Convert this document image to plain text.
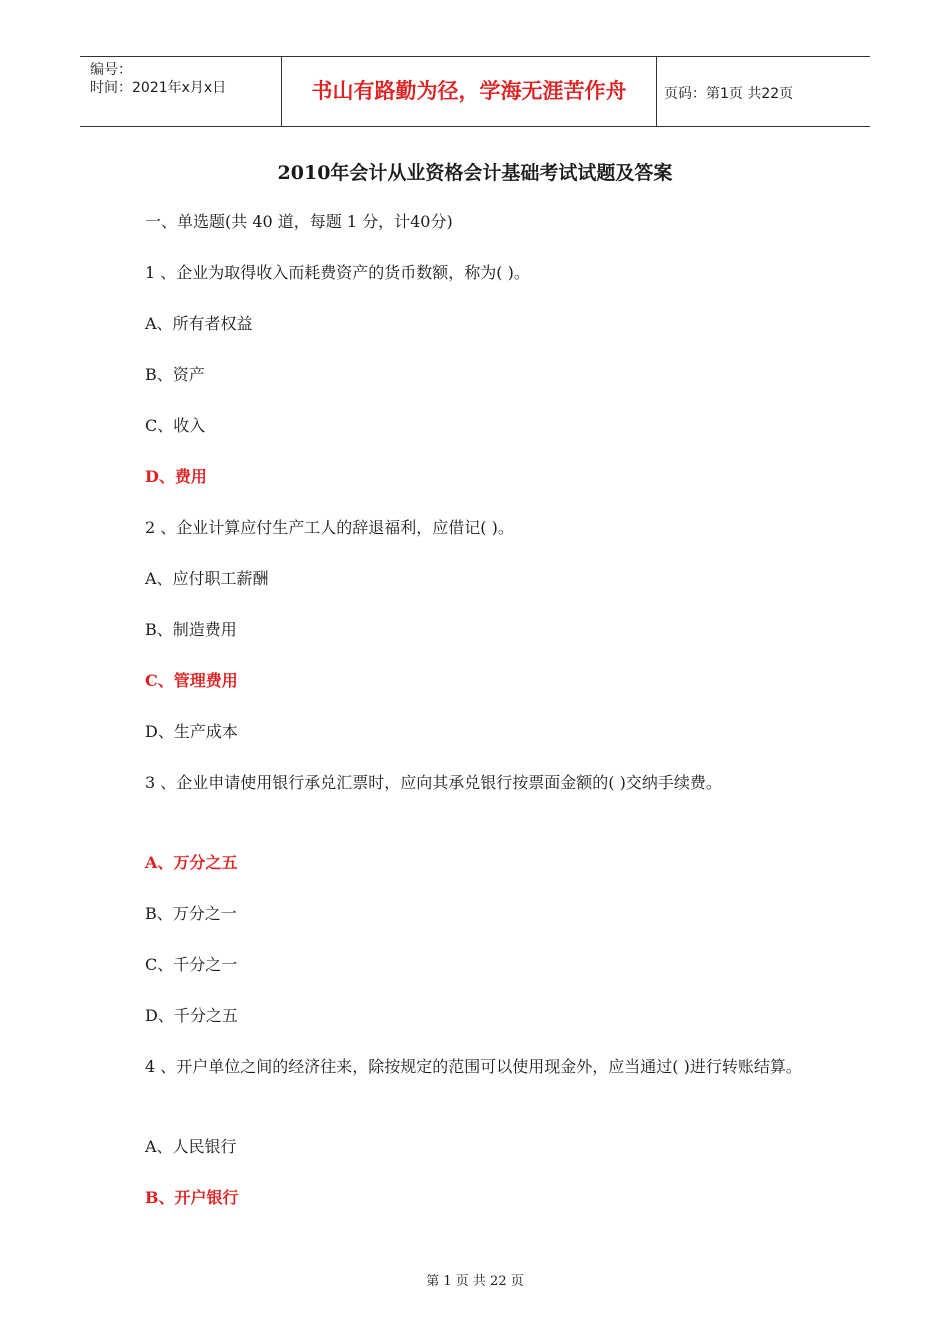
编号：
时间：2021年x月x日	书山有路勤为径，学海无涯苦作舟	页码：第1页 共22页
2010年会计从业资格会计基础考试试题及答案
一、单选题(共 40 道，每题 1 分，计40分)
1 、企业为取得收入而耗费资产的货币数额，称为( )。
A、所有者权益
B、资产
C、收入
D、费用
2 、企业计算应付生产工人的辞退福利，应借记( )。
A、应付职工薪酬
B、制造费用
C、管理费用
D、生产成本
3 、企业申请使用银行承兑汇票时，应向其承兑银行按票面金额的( )交纳手续费。
A、万分之五
B、万分之一
C、千分之一
D、千分之五
4 、开户单位之间的经济往来，除按规定的范围可以使用现金外，应当通过( )进行转账结算。
A、人民银行
B、开户银行
第 1 页 共 22 页
